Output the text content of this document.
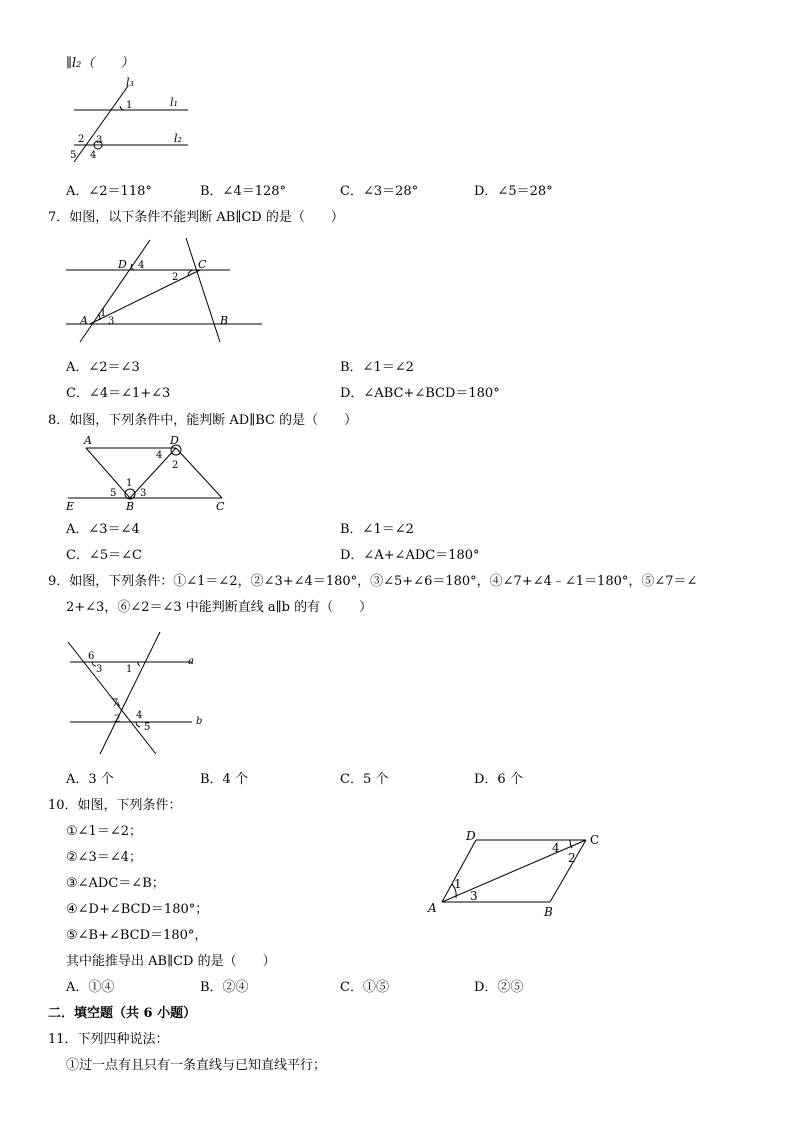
∥l₂（　　）
l₃
l₁
l₂
1
2 3
4
5
A．∠2＝118°	B．∠4＝128°	C．∠3＝28°	D．∠5＝28°
7．如图，以下条件不能判断 AB∥CD 的是（　　）
D 4	C
2
1
A 3	B
A．∠2＝∠3	B．∠1＝∠2
C．∠4＝∠1+∠3	D．∠ABC+∠BCD＝180°
8．如图，下列条件中，能判断 AD∥BC 的是（　　）
A	D
4
2
1
5 3
E	B	C
A．∠3＝∠4	B．∠1＝∠2
C．∠5＝∠C	D．∠A+∠ADC＝180°
9．如图，下列条件：①∠1＝∠2，②∠3+∠4＝180°，③∠5+∠6＝180°，④∠7+∠4﹣∠1＝180°，⑤∠7＝∠
2+∠3，⑥∠2＝∠3 中能判断直线 a∥b 的有（　　）
6
3 1
a
7
2 4
5
b
A．3 个	B．4 个	C．5 个	D．6 个
10．如图，下列条件：
①∠1＝∠2；
②∠3＝∠4；
③∠ADC＝∠B；
④∠D+∠BCD＝180°；
⑤∠B+∠BCD＝180°，
其中能推导出 AB∥CD 的是（　　）
D	C
4
2
1
3
A	B
A．①④	B．②④	C．①⑤	D．②⑤
二．填空题（共 6 小题）
11．下列四种说法：
①过一点有且只有一条直线与已知直线平行；
